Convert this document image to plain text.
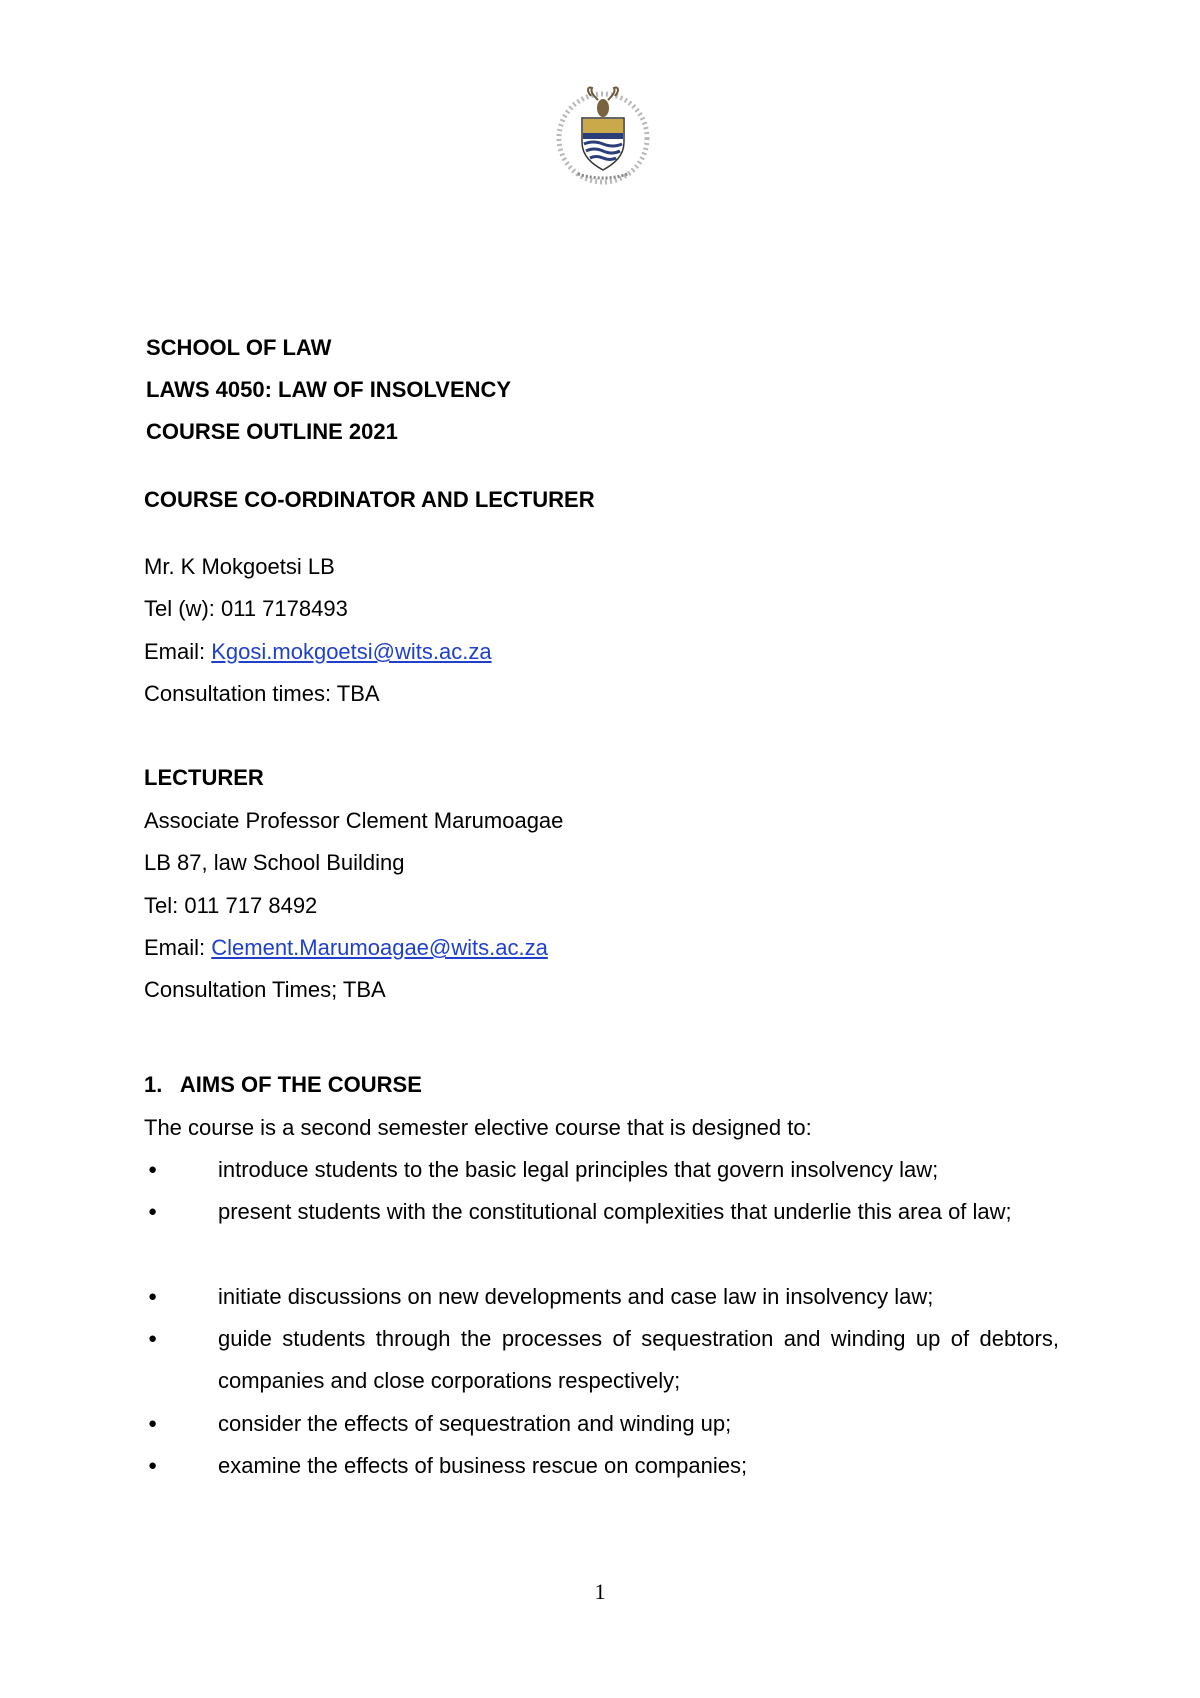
SCHOOL OF LAW
LAWS 4050: LAW OF INSOLVENCY
COURSE OUTLINE 2021
COURSE CO-ORDINATOR AND LECTURER
Mr. K Mokgoetsi LB
Tel (w): 011 7178493
Email: Kgosi.mokgoetsi@wits.ac.za
Consultation times: TBA
LECTURER
Associate Professor Clement Marumoagae
LB 87, law School Building
Tel: 011 717 8492
Email: Clement.Marumoagae@wits.ac.za
Consultation Times; TBA
1.   AIMS OF THE COURSE
The course is a second semester elective course that is designed to:
●	introduce students to the basic legal principles that govern insolvency law;
●	present students with the constitutional complexities that underlie this area of law;
●	initiate discussions on new developments and case law in insolvency law;
●	guide students through the processes of sequestration and winding up of debtors, companies and close corporations respectively;
●	consider the effects of sequestration and winding up;
●	examine the effects of business rescue on companies;
1
